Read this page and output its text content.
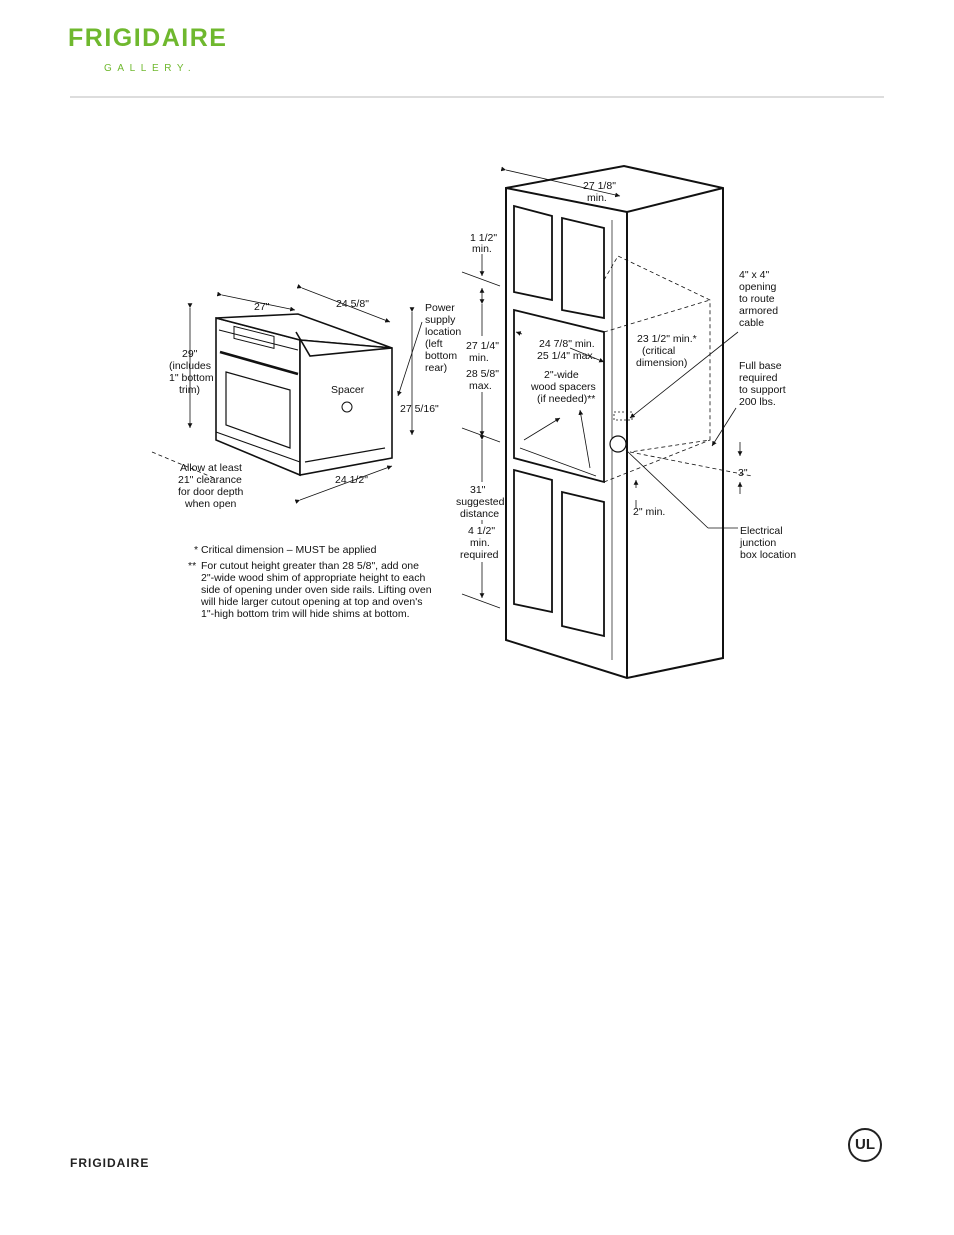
FRIGIDAIRE
GALLERY.
27"	24 5/8"
29"
(includes
1" bottom
trim)
Power
supply
location
(left
bottom
rear)
Spacer
27 5/16"
24 1/2"
Allow at least
21" clearance
for door depth
when open
* Critical dimension – MUST be applied
** For cutout height greater than 28 5/8", add one
2"-wide wood shim of appropriate height to each
side of opening under oven side rails. Lifting oven
will hide larger cutout opening at top and oven's
1"-high bottom trim will hide shims at bottom.
27 1/8"
min.
1 1/2"
min.
27 1/4"
min.
28 5/8"
max.
24 7/8" min.
25 1/4" max.
2"-wide
wood spacers
(if needed)**
23 1/2" min.*
(critical
dimension)
4" x 4"
opening
to route
armored
cable
Full base
required
to support
200 lbs.
3"
2" min.
31"
suggested
distance
4 1/2"
min.
required
Electrical
junction
box location
FRIGIDAIRE
UL
